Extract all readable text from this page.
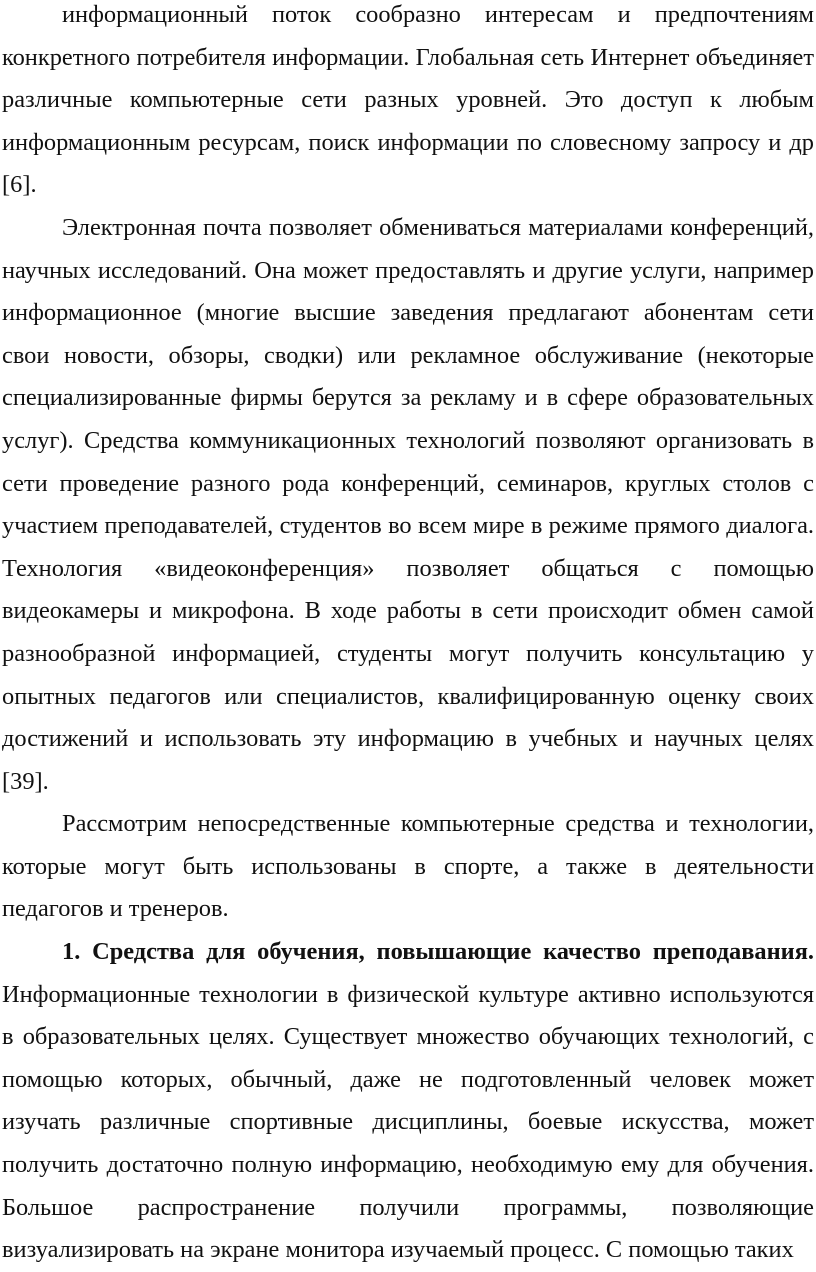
информационный поток сообразно интересам и предпочтениям конкретного потребителя информации. Глобальная сеть Интернет объединяет различные компьютерные сети разных уровней. Это доступ к любым информационным ресурсам, поиск информации по словесному запросу и др [6].

Электронная почта позволяет обмениваться материалами конференций, научных исследований. Она может предоставлять и другие услуги, например информационное (многие высшие заведения предлагают абонентам сети свои новости, обзоры, сводки) или рекламное обслуживание (некоторые специализированные фирмы берутся за рекламу и в сфере образовательных услуг). Средства коммуникационных технологий позволяют организовать в сети проведение разного рода конференций, семинаров, круглых столов с участием преподавателей, студентов во всем мире в режиме прямого диалога. Технология «видеоконференция» позволяет общаться с помощью видеокамеры и микрофона. В ходе работы в сети происходит обмен самой разнообразной информацией, студенты могут получить консультацию у опытных педагогов или специалистов, квалифицированную оценку своих достижений и использовать эту информацию в учебных и научных целях [39].

Рассмотрим непосредственные компьютерные средства и технологии, которые могут быть использованы в спорте, а также в деятельности педагогов и тренеров.

1. Средства для обучения, повышающие качество преподавания. Информационные технологии в физической культуре активно используются в образовательных целях. Существует множество обучающих технологий, с помощью которых, обычный, даже не подготовленный человек может изучать различные спортивные дисциплины, боевые искусства, может получить достаточно полную информацию, необходимую ему для обучения. Большое распространение получили программы, позволяющие визуализировать на экране монитора изучаемый процесс. С помощью таких
